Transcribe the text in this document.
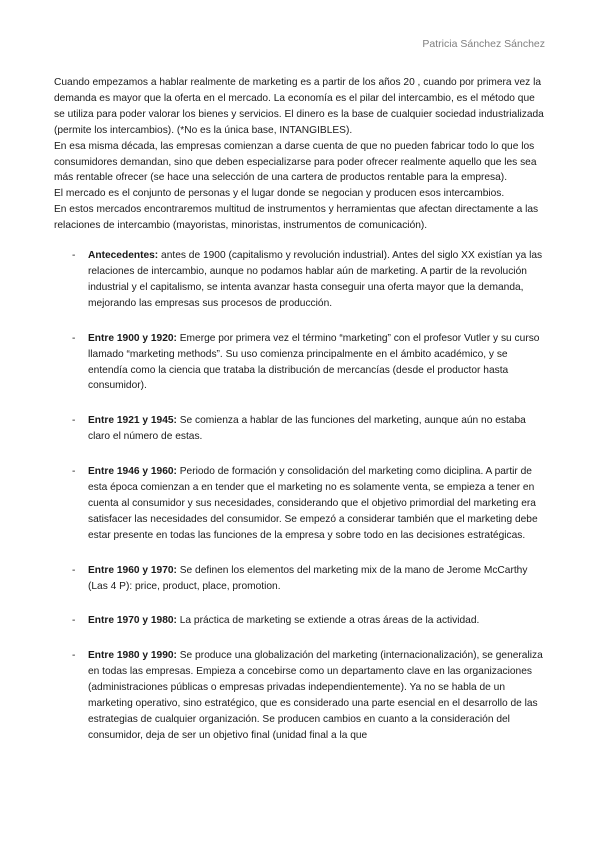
Patricia Sánchez Sánchez

Cuando empezamos a hablar realmente de marketing es a partir de los años 20 , cuando por primera vez la demanda es mayor que la oferta en el mercado. La economía es el pilar del intercambio, es el método que se utiliza para poder valorar los bienes y servicios. El dinero es la base de cualquier sociedad industrializada (permite los intercambios). (*No es la única base, INTANGIBLES).

En esa misma década, las empresas comienzan a darse cuenta de que no pueden fabricar todo lo que los consumidores demandan, sino que deben especializarse para poder ofrecer realmente aquello que les sea más rentable ofrecer (se hace una selección de una cartera de productos rentable para la empresa).

El mercado es el conjunto de personas y el lugar donde se negocian y producen esos intercambios.

En estos mercados encontraremos multitud de instrumentos y herramientas que afectan directamente a las relaciones de intercambio (mayoristas, minoristas, instrumentos de comunicación).

- Antecedentes: antes de 1900 (capitalismo y revolución industrial). Antes del siglo XX existían ya las relaciones de intercambio, aunque no podamos hablar aún de marketing. A partir de la revolución industrial y el capitalismo, se intenta avanzar hasta conseguir una oferta mayor que la demanda, mejorando las empresas sus procesos de producción.
- Entre 1900 y 1920: Emerge por primera vez el término “marketing” con el profesor Vutler y su curso llamado “marketing methods”. Su uso comienza principalmente en el ámbito académico, y se entendía como la ciencia que trataba la distribución de mercancías (desde el productor hasta consumidor).
- Entre 1921 y 1945: Se comienza a hablar de las funciones del marketing, aunque aún no estaba claro el número de estas.
- Entre 1946 y 1960: Periodo de formación y consolidación del marketing como diciplina. A partir de esta época comienzan a en tender que el marketing no es solamente venta, se empieza a tener en cuenta al consumidor y sus necesidades, considerando que el objetivo primordial del marketing era satisfacer las necesidades del consumidor. Se empezó a considerar también que el marketing debe estar presente en todas las funciones de la empresa y sobre todo en las decisiones estratégicas.
- Entre 1960 y 1970: Se definen los elementos del marketing mix de la mano de Jerome McCarthy (Las 4 P): price, product, place, promotion.
- Entre 1970 y 1980: La práctica de marketing se extiende a otras áreas de la actividad.
- Entre 1980 y 1990: Se produce una globalización del marketing (internacionalización), se generaliza en todas las empresas. Empieza a concebirse como un departamento clave en las organizaciones (administraciones públicas o empresas privadas independientemente). Ya no se habla de un marketing operativo, sino estratégico, que es considerado una parte esencial en el desarrollo de las estrategias de cualquier organización. Se producen cambios en cuanto a la consideración del consumidor, deja de ser un objetivo final (unidad final a la que
